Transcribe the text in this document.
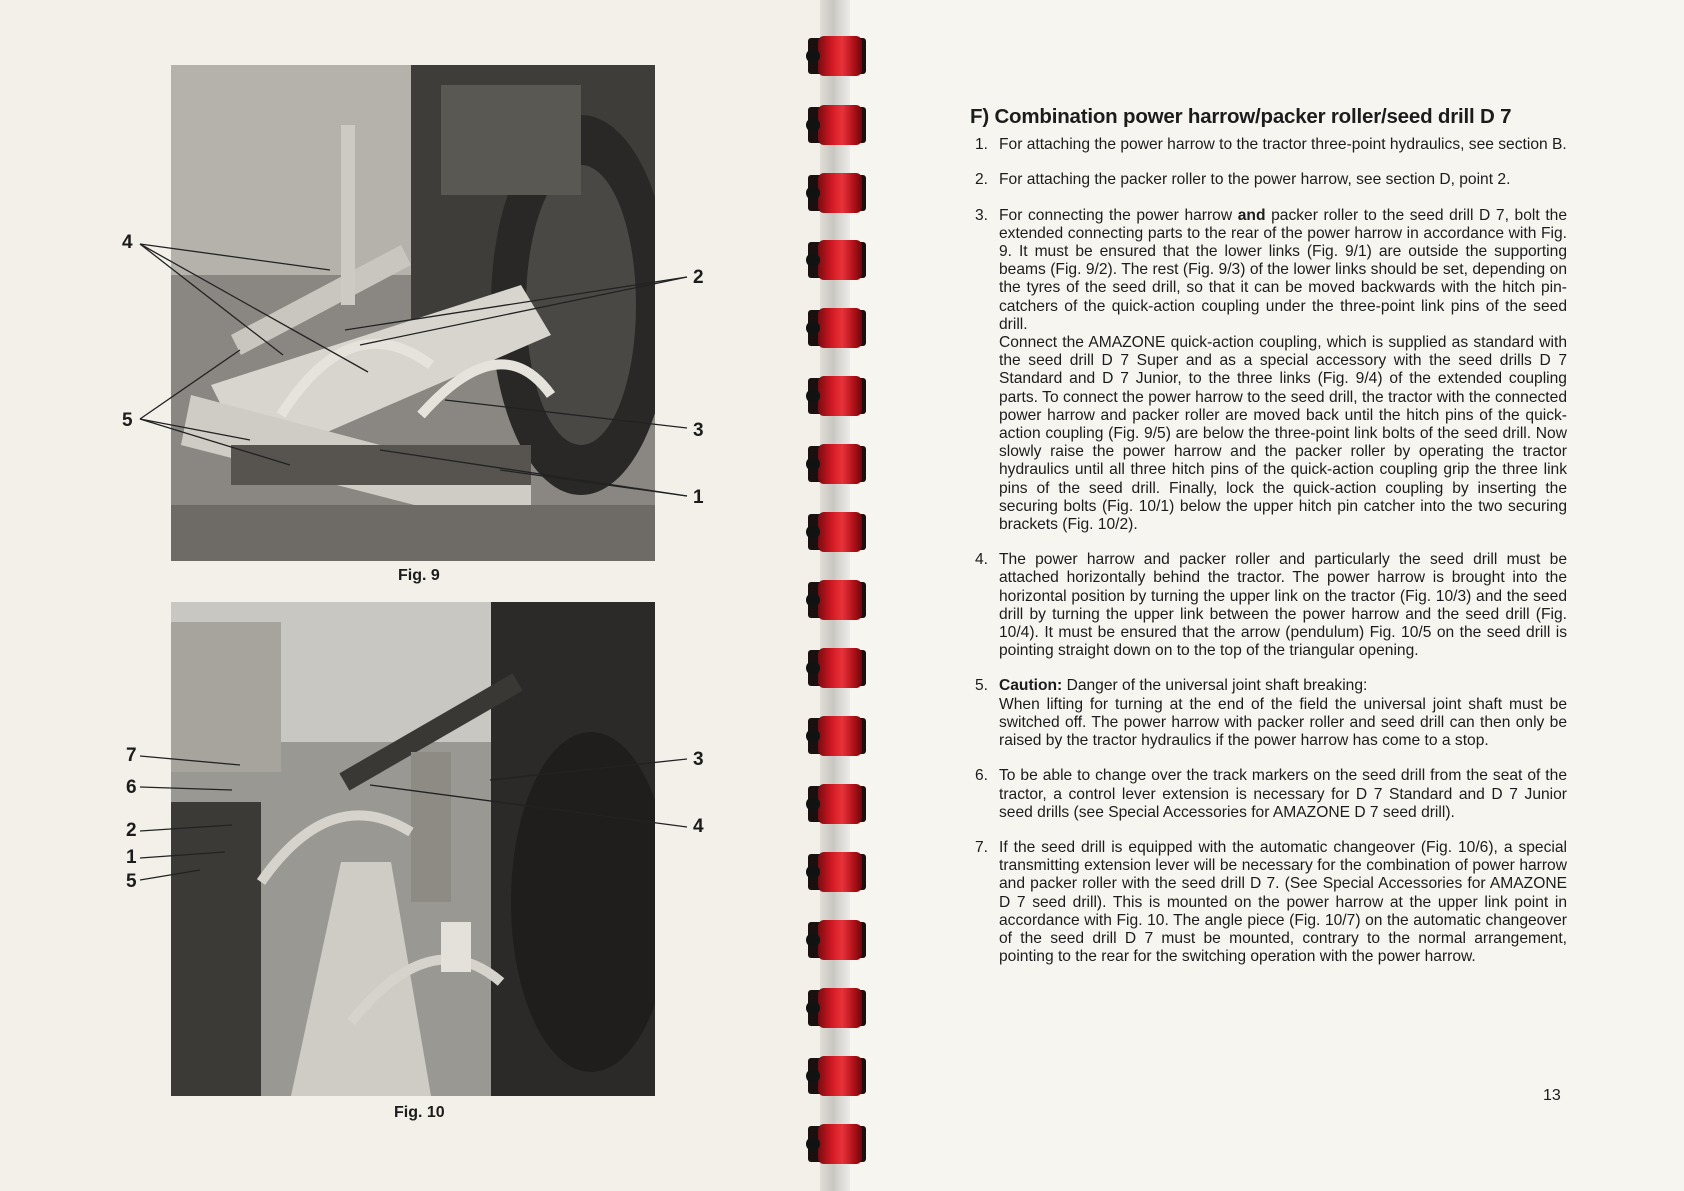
Fig. 9
Fig. 10
4
5
2
3
1
7
6
2
1
5
3
4
F) Combination power harrow/packer roller/seed drill D 7
1. For attaching the power harrow to the tractor three-point hydraulics, see section B.

2. For attaching the packer roller to the power harrow, see section D, point 2.

3. For connecting the power harrow and packer roller to the seed drill D 7, bolt the extended connecting parts to the rear of the power harrow in accordance with Fig. 9. It must be ensured that the lower links (Fig. 9/1) are outside the supporting beams (Fig. 9/2). The rest (Fig. 9/3) of the lower links should be set, depending on the tyres of the seed drill, so that it can be moved backwards with the hitch pin-catchers of the quick-action coupling under the three-point link pins of the seed drill.

Connect the AMAZONE quick-action coupling, which is supplied as standard with the seed drill D 7 Super and as a special accessory with the seed drills D 7 Standard and D 7 Junior, to the three links (Fig. 9/4) of the extended coupling parts. To connect the power harrow to the seed drill, the tractor with the connected power harrow and packer roller are moved back until the hitch pins of the quick-action coupling (Fig. 9/5) are below the three-point link bolts of the seed drill. Now slowly raise the power harrow and the packer roller by operating the tractor hydraulics until all three hitch pins of the quick-action coupling grip the three link pins of the seed drill. Finally, lock the quick-action coupling by inserting the securing bolts (Fig. 10/1) below the upper hitch pin catcher into the two securing brackets (Fig. 10/2).

4. The power harrow and packer roller and particularly the seed drill must be attached horizontally behind the tractor. The power harrow is brought into the horizontal position by turning the upper link on the tractor (Fig. 10/3) and the seed drill by turning the upper link between the power harrow and the seed drill (Fig. 10/4). It must be ensured that the arrow (pendulum) Fig. 10/5 on the seed drill is pointing straight down on to the top of the triangular opening.

5. Caution: Danger of the universal joint shaft breaking:

When lifting for turning at the end of the field the universal joint shaft must be switched off. The power harrow with packer roller and seed drill can then only be raised by the tractor hydraulics if the power harrow has come to a stop.

6. To be able to change over the track markers on the seed drill from the seat of the tractor, a control lever extension is necessary for D 7 Standard and D 7 Junior seed drills (see Special Accessories for AMAZONE D 7 seed drill).

7. If the seed drill is equipped with the automatic changeover (Fig. 10/6), a special transmitting extension lever will be necessary for the combination of power harrow and packer roller with the seed drill D 7. (See Special Accessories for AMAZONE D 7 seed drill). This is mounted on the power harrow at the upper link point in accordance with Fig. 10. The angle piece (Fig. 10/7) on the automatic changeover of the seed drill D 7 must be mounted, contrary to the normal arrangement, pointing to the rear for the switching operation with the power harrow.

13
